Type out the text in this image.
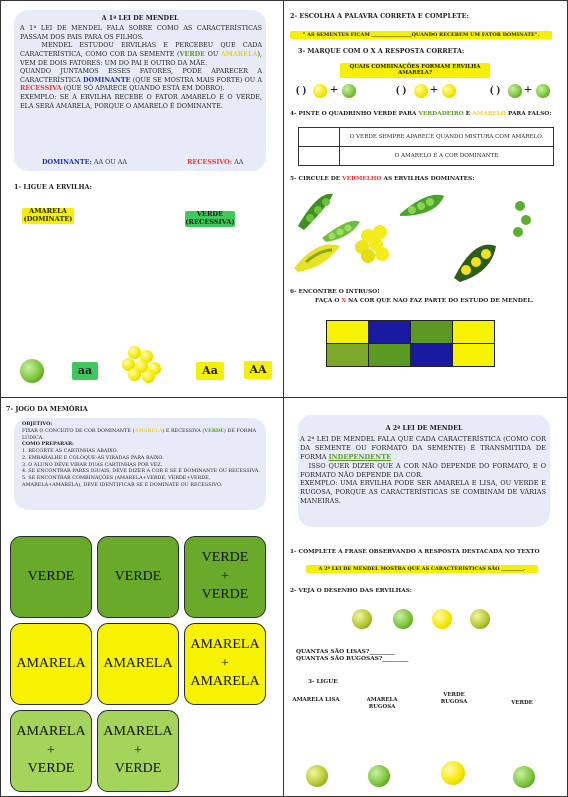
A 1ª LEI DE MENDEL
A 1ª LEI DE MENDEL FALA SOBRE COMO AS CARACTERÍSTICAS PASSAM DOS PAIS PARA OS FILHOS.
MENDEL ESTUDOU ERVILHAS E PERCEBEU QUE CADA CARACTERÍSTICA, COMO COR DA SEMENTE (VERDE OU AMARELA), VEM DE DOIS FATORES: UM DO PAI E OUTRO DA MÃE.
QUANDO JUNTAMOS ESSES FATORES, PODE APARECER A CARACTERÍSTICA DOMINANTE (QUE SE MOSTRA MAIS FORTE) OU A RECESSIVA (QUE SÓ APARECE QUANDO ESTÁ EM DOBRO).
EXEMPLO: SE A ERVILHA RECEBE O FATOR AMARELO E O VERDE, ELA SERÁ AMARELA, PORQUE O AMARELO É DOMINANTE.
DOMINANTE: AA OU AA	RECESSIVO: AA
1- LIGUE A ERVILHA:
AMARELA
(DOMINATE)
VERDE
(RECESSIVA)
aa	Aa	AA
2- ESCOLHA A PALAVRA CORRETA E COMPLETE:
" AS SEMENTES FICAM ________________QUANDO RECEBEM UM FATOR DOMINATE".
3- MARQUE COM O X A RESPOSTA CORRETA:
QUAIS COMBINAÇÕES FORMAM ERVILHA AMARELA?
( ) +	( ) +	( ) +
4- PINTE O QUADRINHO VERDE PARA VERDADEIRO E AMARELO PARA FALSO:
	O VERDE SEMPRE APARECE QUANDO MISTURA COM AMARELO.
	O AMARELO É A COR DOMINANTE
5- CIRCULE DE VERMELHO AS ERVILHAS DOMINATES:
6- ENCONTRE O INTRUSO!
FAÇA O X NA COR QUE NAO FAZ PARTE DO ESTUDO DE MENDEL.
7- JOGO DA MEMÓRIA
OBJETIVO:
FIXAR O CONCEITO DE COR DOMINANTE (AMARELA) E RECESSIVA (VERDE) DE FORMA LÚDICA.
COMO PREPARAR:
1. RECORTE AS CARTINHAS ABAIXO.
2. EMBARALHE E COLOQUE-AS VIRADAS PARA BAIXO.
3. O ALUNO DEVE VIRAR DUAS CARTINHAS POR VEZ.
4. SE ENCONTRAR PARES IGUAIS, DEVE DIZER A COR E SE É DOMINANTE OU RECESSIVA.
5. SE ENCONTRAR COMBINAÇÕES (AMARELA+VERDE, VERDE+VERDE, AMARELA+AMARELA), DEVE IDENTIFICAR SE É DOMINATE OU RECESSIVO.
VERDE	VERDE
VERDE
+
VERDE
AMARELA AMARELA
AMARELA
+
AMARELA
AMARELA
+
VERDE
AMARELA
+
VERDE
A 2ª LEI DE MENDEL
A 2ª LEI DE MENDEL FALA QUE CADA CARACTERÍSTICA (COMO COR DA SEMENTE OU FORMATO DA SEMENTE) É TRANSMITIDA DE FORMA INDEPENDENTE
ISSO QUER DIZER QUE A COR NÃO DEPENDE DO FORMATO, E O FORMATO NÃO DEPENDE DA COR.
EXEMPLO: UMA ERVILHA PODE SER AMARELA E LISA, OU VERDE E RUGOSA, PORQUE AS CARACTERÍSTICAS SE COMBINAM DE VÁRIAS MANEIRAS.
1- COMPLETE A FRASE OBSERVANDO A RESPOSTA DESTACADA NO TEXTO
A 2ª LEI DE MENDEL MOSTRA QUE AS CARACTERÍSTICAS SÃO _________.
2- VEJA O DESENHO DAS ERVILHAS:
QUANTAS SÃO LISAS?_________
QUANTAS SÃO RUGOSAS?_________
3- LIGUE
AMARELA LISA	AMARELA
RUGOSA
VERDE
RUGOSA	VERDE
